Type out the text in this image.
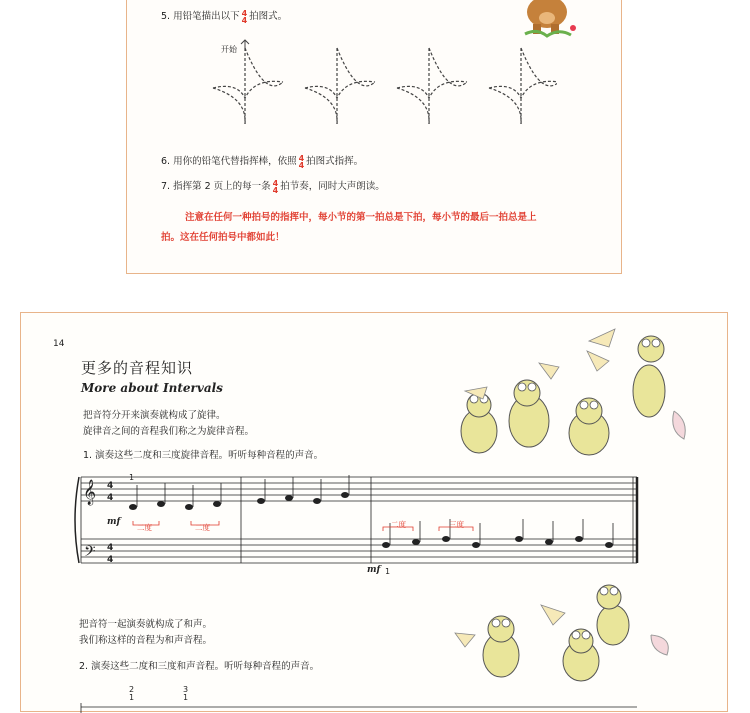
5. 用铅笔描出以下 4
4 拍图式。
开始
6. 用你的铅笔代替指挥棒，依照 4
4 拍图式指挥。
7. 指挥第 2 页上的每一条 4
4 拍节奏，同时大声朗读。
注意在任何一种拍号的指挥中，每小节的第一拍总是下拍，每小节的最后一拍总是上
拍。这在任何拍号中都如此！
14
更多的音程知识
More about Intervals
把音符分开来演奏就构成了旋律。
旋律音之间的音程我们称之为旋律音程。
1. 演奏这些二度和三度旋律音程。听听每种音程的声音。
𝄞
𝄢
4
4
4
4
1
mf
二度	二度	二度	三度
mf 1
把音符一起演奏就构成了和声。
我们称这样的音程为和声音程。
2. 演奏这些二度和三度和声音程。听听每种音程的声音。
2
1
3
1
